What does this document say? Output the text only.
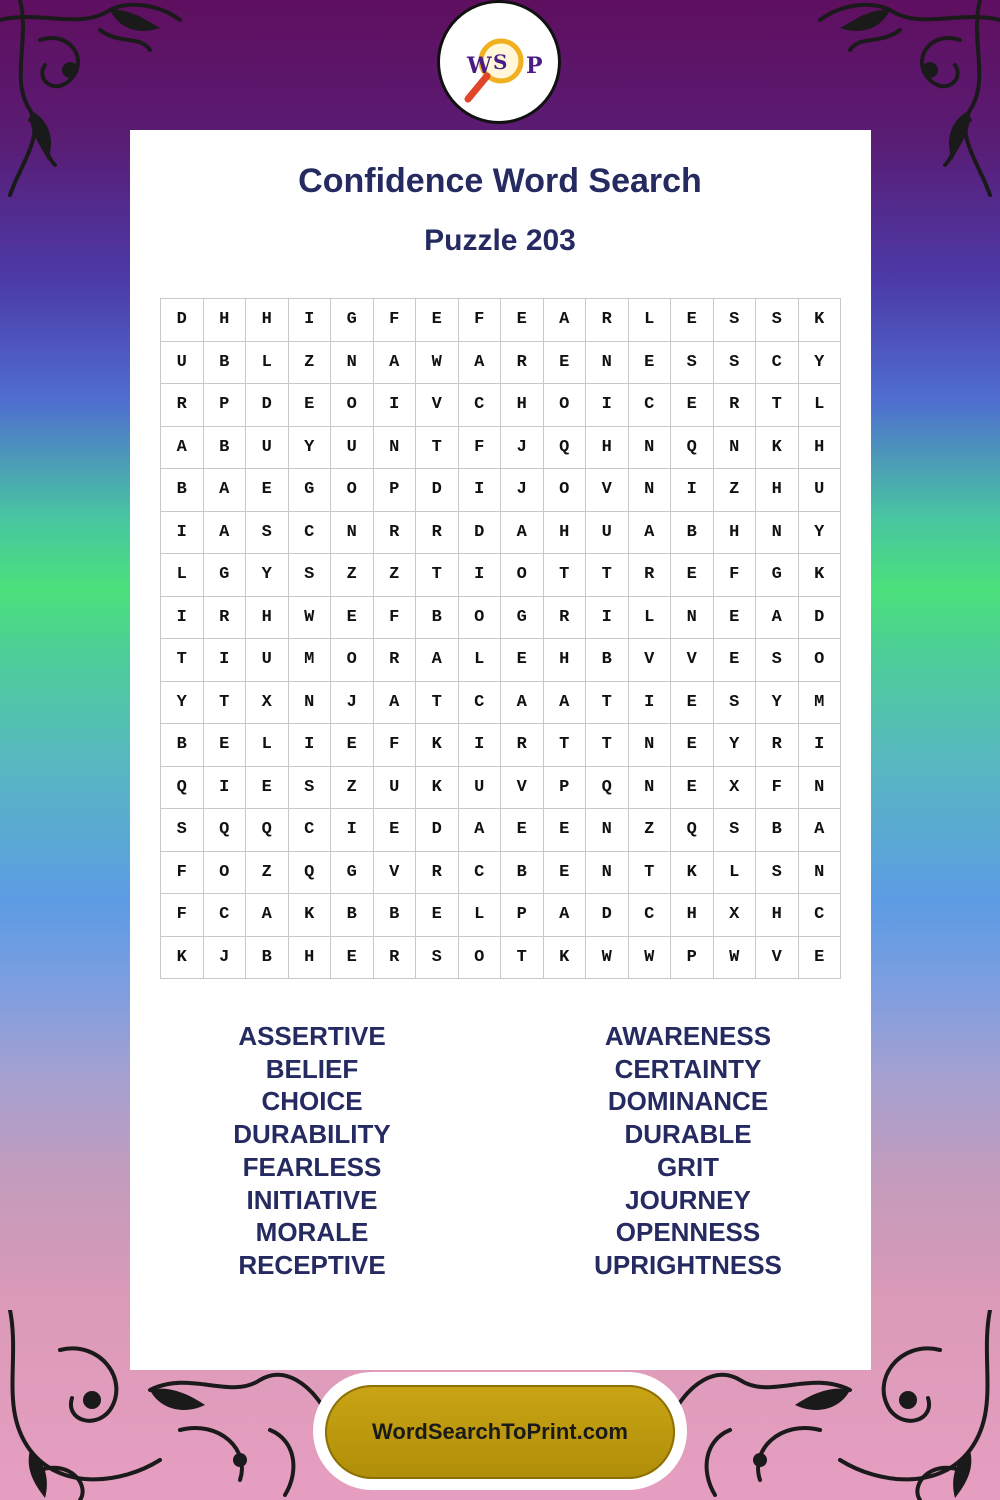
W S P
Confidence Word Search
Puzzle 203
D	H	H	I	G	F	E	F	E	A	R	L	E	S	S	K
U	B	L	Z	N	A	W	A	R	E	N	E	S	S	C	Y
R	P	D	E	O	I	V	C	H	O	I	C	E	R	T	L
A	B	U	Y	U	N	T	F	J	Q	H	N	Q	N	K	H
B	A	E	G	O	P	D	I	J	O	V	N	I	Z	H	U
I	A	S	C	N	R	R	D	A	H	U	A	B	H	N	Y
L	G	Y	S	Z	Z	T	I	O	T	T	R	E	F	G	K
I	R	H	W	E	F	B	O	G	R	I	L	N	E	A	D
T	I	U	M	O	R	A	L	E	H	B	V	V	E	S	O
Y	T	X	N	J	A	T	C	A	A	T	I	E	S	Y	M
B	E	L	I	E	F	K	I	R	T	T	N	E	Y	R	I
Q	I	E	S	Z	U	K	U	V	P	Q	N	E	X	F	N
S	Q	Q	C	I	E	D	A	E	E	N	Z	Q	S	B	A
F	O	Z	Q	G	V	R	C	B	E	N	T	K	L	S	N
F	C	A	K	B	B	E	L	P	A	D	C	H	X	H	C
K	J	B	H	E	R	S	O	T	K	W	W	P	W	V	E
ASSERTIVE
BELIEF
CHOICE
DURABILITY
FEARLESS
INITIATIVE
MORALE
RECEPTIVE
AWARENESS
CERTAINTY
DOMINANCE
DURABLE
GRIT
JOURNEY
OPENNESS
UPRIGHTNESS
WordSearchToPrint.com
